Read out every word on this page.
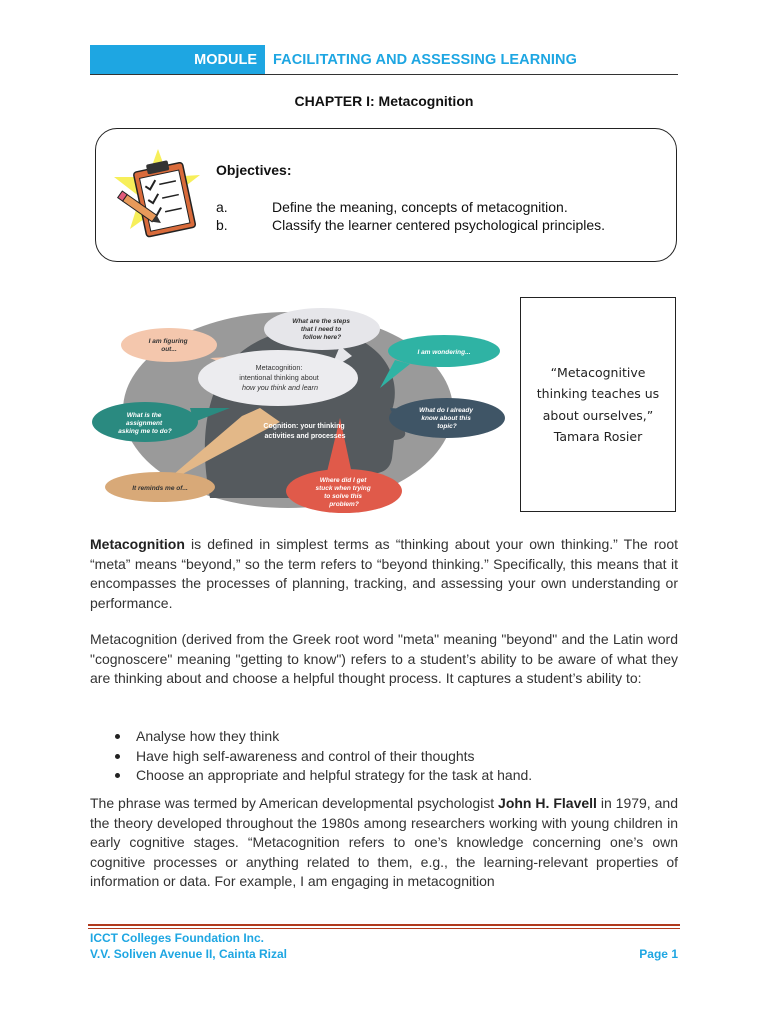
MODULE	FACILITATING AND ASSESSING LEARNING
CHAPTER I: Metacognition
Objectives:
a.	Define the meaning, concepts of metacognition.
b.	Classify the learner centered psychological principles.
Metacognition: intentional thinking about how you think and learn
Cognition: your thinking activities and processes
I am figuring out...
What are the steps that I need to follow here?
I am wondering...
What is the assignment asking me to do?
What do I already know about this topic?
It reminds me of...
Where did I get stuck when trying to solve this problem?
“Metacognitive
thinking teaches us
about ourselves,”
Tamara Rosier
Metacognition is defined in simplest terms as “thinking about your own thinking.” The root “meta” means “beyond,” so the term refers to “beyond thinking.” Specifically, this means that it encompasses the processes of planning, tracking, and assessing your own understanding or performance.
Metacognition (derived from the Greek root word "meta" meaning "beyond" and the Latin word "cognoscere" meaning "getting to know") refers to a student’s ability to be aware of what they are thinking about and choose a helpful thought process. It captures a student’s ability to:
Analyse how they think
Have high self-awareness and control of their thoughts
Choose an appropriate and helpful strategy for the task at hand.
The phrase was termed by American developmental psychologist John H. Flavell in 1979, and the theory developed throughout the 1980s among researchers working with young children in early cognitive stages. “Metacognition refers to one’s knowledge concerning one’s own cognitive processes or anything related to them, e.g., the learning-relevant properties of information or data. For example, I am engaging in metacognition
ICCT Colleges Foundation Inc.
V.V. Soliven Avenue II, Cainta Rizal	Page 1
